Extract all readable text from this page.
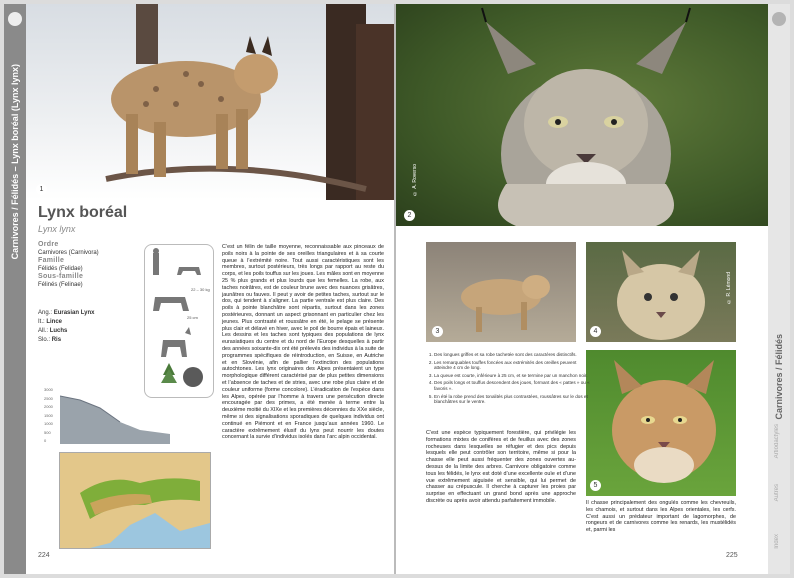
Carnivores / Félidés – Lynx boréal (Lynx lynx)	1
Lynx boréal
Lynx lynx
Ordre
Carnivores (Carnivora)
Famille
Félidés (Felidae)
Sous-famille
Félinés (Felinae)
Ang.: Eurasian Lynx
It.: Lince
All.: Luchs
Slo.: Ris
22 – 30 kg
25 cm
3000
2500
2000
1500
1000
500
0
C’est un félin de taille moyenne, reconnaissable aux pinceaux de poils noirs à la pointe de ses oreilles triangulaires et à sa courte queue à l’extrémité noire. Tout aussi caractéristiques sont les membres, surtout postérieurs, très longs par rapport au reste du corps, et les poils touffus sur les joues. Les mâles sont en moyenne 25 % plus grands et plus lourds que les femelles. La robe, aux taches noirâtres, est de couleur brune avec des nuances grisâtres, jaunâtres ou fauves. Il peut y avoir de petites taches, surtout sur le dos, qui tendent à s’aligner. La partie ventrale est plus claire. Des poils à pointe blanchâtre sont répartis, surtout dans les zones postérieures, donnant un aspect grisonnant en particulier chez les jeunes. Plus contrasté et roussâtre en été, le pelage se présente plus clair et délavé en hiver, avec le poil de bourre épais et laineux. Les dessins et les taches sont typiques des populations de lynx eurasiatiques du centre et du nord de l’Europe desquelles à partir des années soixante-dix ont été prélevés des individus à la suite de programmes spécifiques de réintroduction, en Suisse, en Autriche et en Slovénie, afin de pallier l’extinction des populations autochtones. Les lynx originaires des Alpes présentaient un type morphologique différent caractérisé par de plus petites dimensions et l’absence de taches et de stries, avec une robe plus claire et de couleur uniforme (forme concolore). L’éradication de l’espèce dans les Alpes, opérée par l’homme à travers une persécution directe encouragée par des primes, a été menée à terme entre la deuxième moitié du XIXe et les premières décennies du XXe siècle, même si des signalisations sporadiques de quelques individus ont continué en Piémont et en France jusqu’aux années 1960. Le caractère extrêmement élusif du lynx peut nourrir les doutes concernant la survie d’individus isolés dans l’arc alpin occidental.
224
2
© A. Roverso
Carnivores / Félidés
Artiodactyles
Autres
Index
3	4
© R. Lémond
5
1. Des longues griffes et sa robe tachetée sont des caractères distinctifs.
2. Les remarquables touffes foncées aux extrémités des oreilles peuvent atteindre 4 cm de long.
3. La queue est courte, inférieure à 25 cm, et se termine par un manchon noir.
4. Des poils longs et touffus descendent des joues, formant des « pattes » ou « favoris ».
5. En été la robe prend des tonalités plus contrastées, roussâtres sur le dos et blanchâtres sur le ventre.
C’est une espèce typiquement forestière, qui privilégie les formations mixtes de conifères et de feuillus avec des zones rocheuses dans lesquelles se réfugier et des pics depuis lesquels elle peut contrôler son territoire, même si pour la chasse elle peut aussi fréquenter des zones ouvertes au-dessus de la limite des arbres. Carnivore obligatoire comme tous les félidés, le lynx est doté d’une excellente ouïe et d’une vue extrêmement aiguisée et sensible, qui lui permet de chasser au crépuscule. Il cherche à capturer les proies par surprise en effectuant un grand bond après une approche discrète ou après avoir attendu parfaitement immobile.	Il chasse principalement des ongulés comme les chevreuils, les chamois, et surtout dans les Alpes orientales, les cerfs. C’est aussi un prédateur important de lagomorphes, de rongeurs et de carnivores comme les renards, les mustélidés et, parmi les
225
